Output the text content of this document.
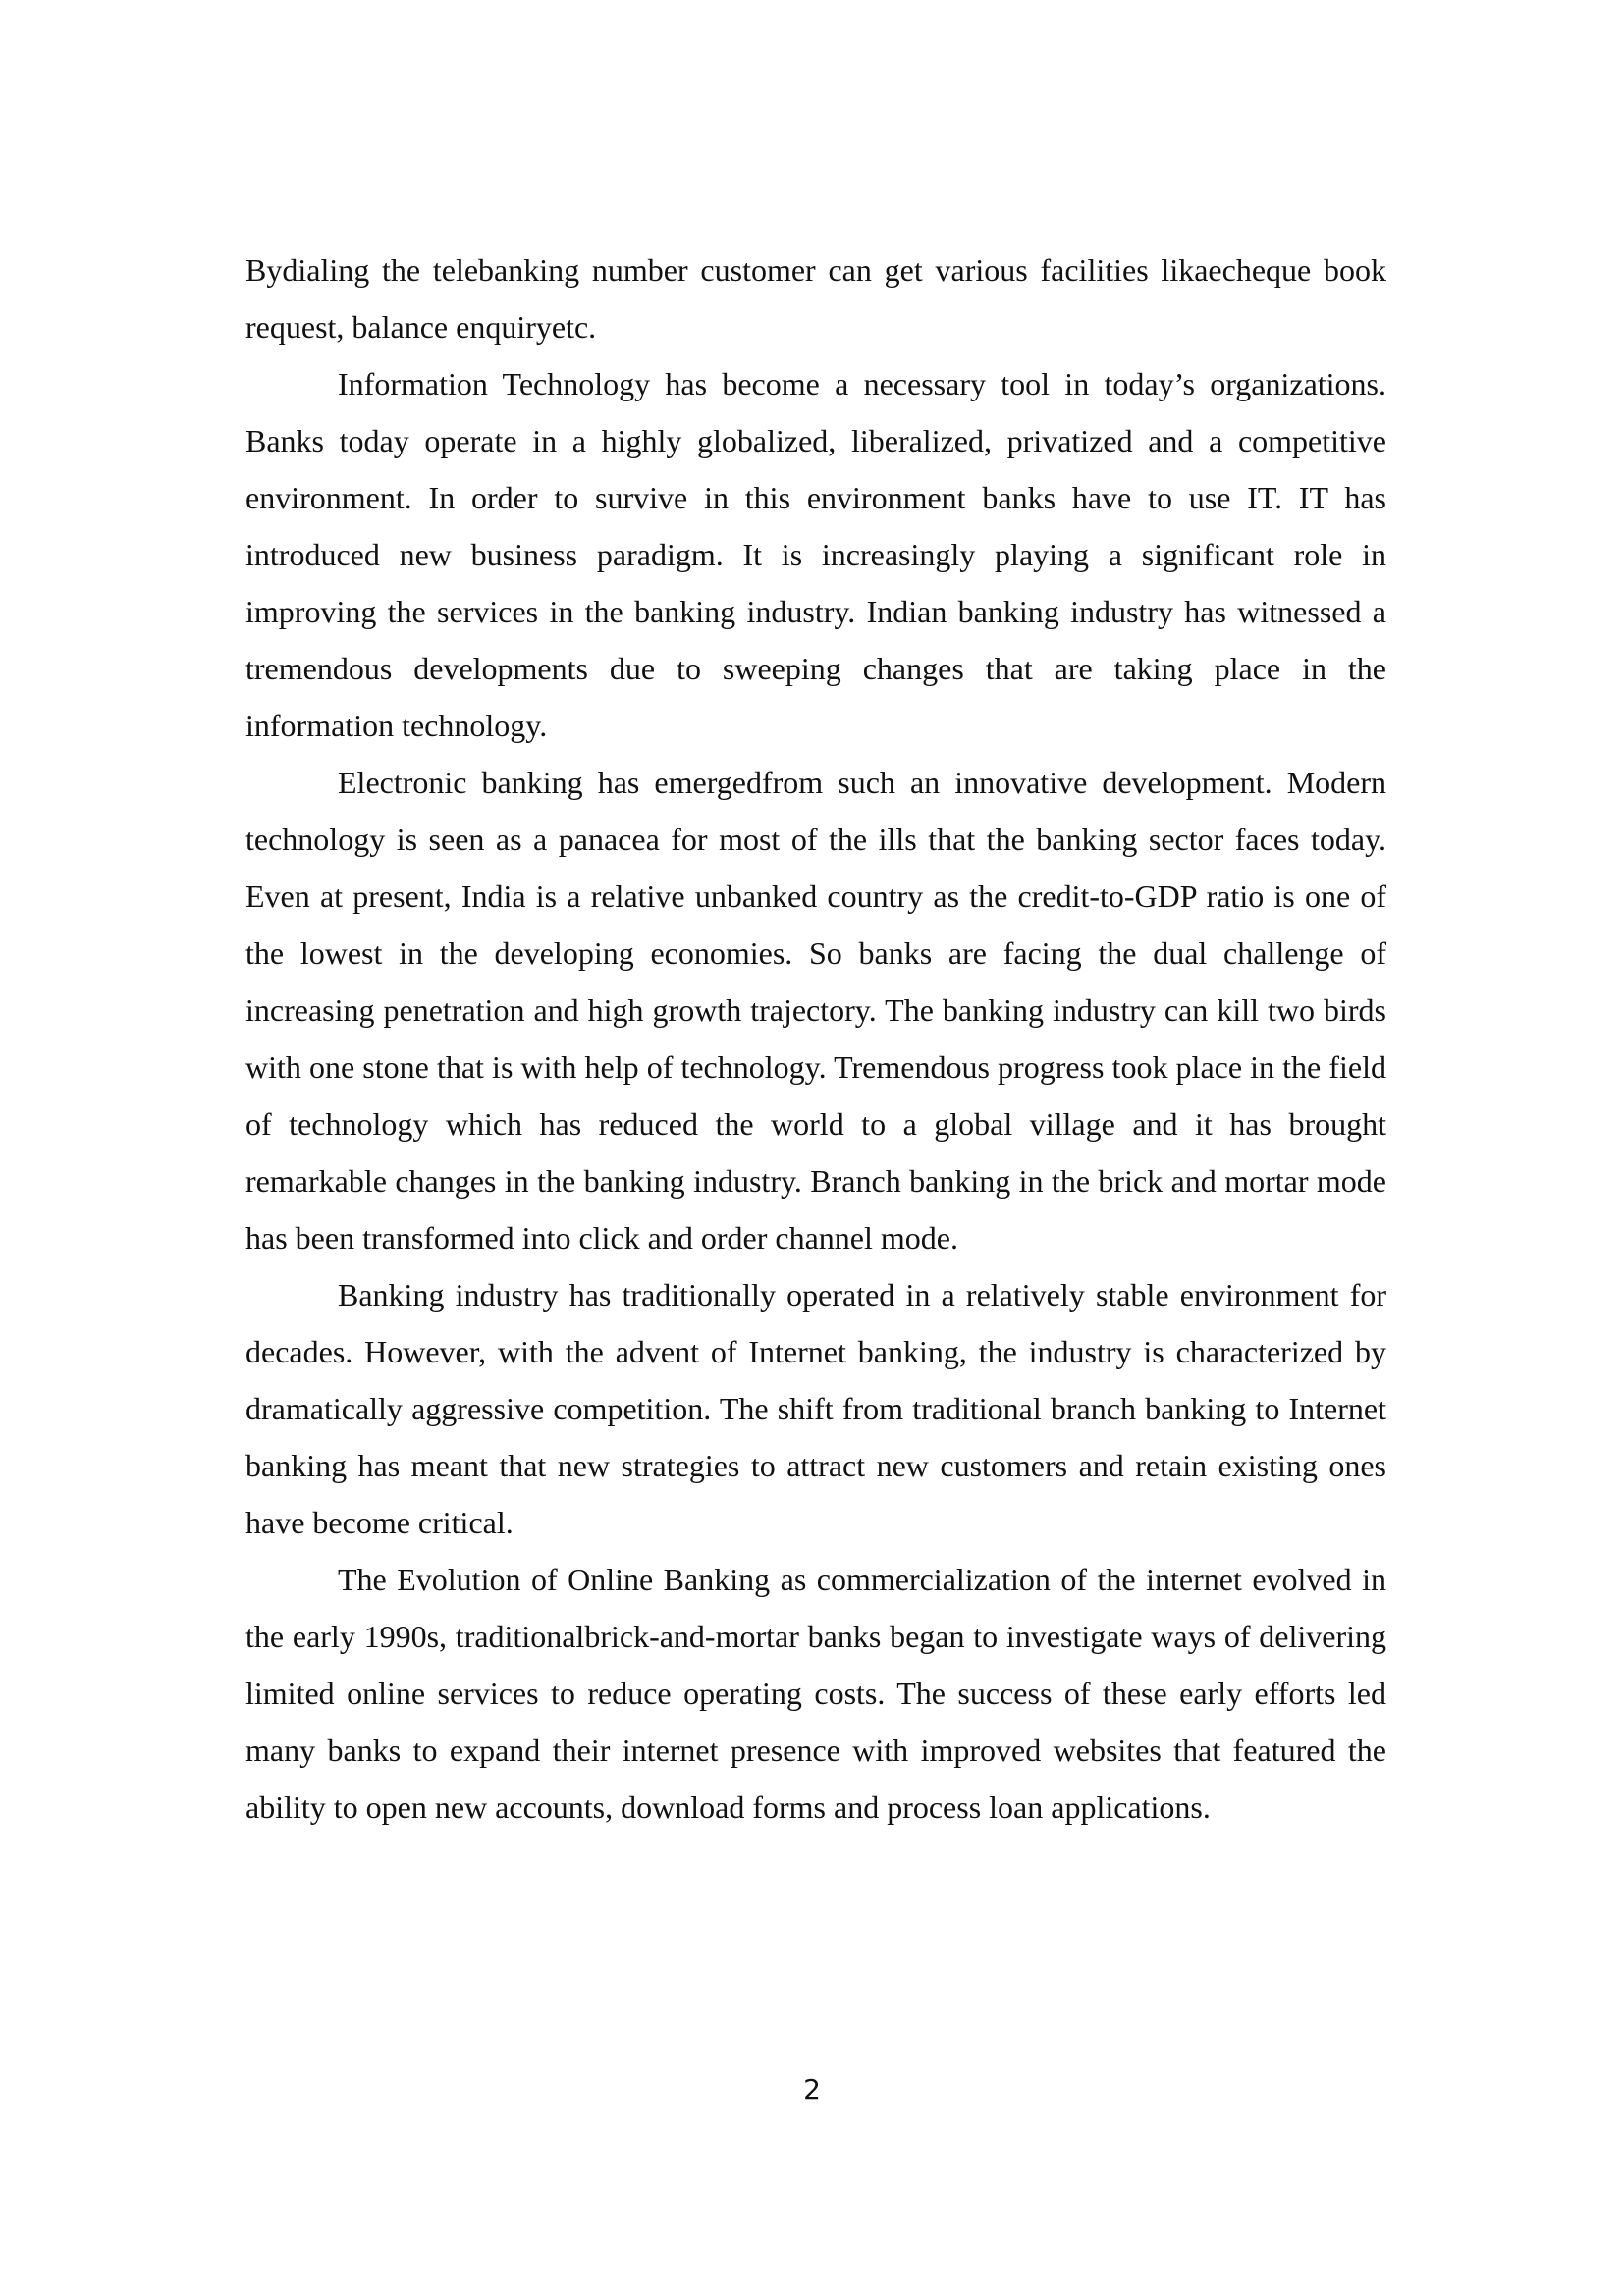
Bydialing the telebanking number customer can get various facilities likaecheque book request, balance enquiryetc.

Information Technology has become a necessary tool in today’s organizations. Banks today operate in a highly globalized, liberalized, privatized and a competitive environment. In order to survive in this environment banks have to use IT. IT has introduced new business paradigm. It is increasingly playing a significant role in improving the services in the banking industry. Indian banking industry has witnessed a tremendous developments due to sweeping changes that are taking place in the information technology.

Electronic banking has emergedfrom such an innovative development. Modern technology is seen as a panacea for most of the ills that the banking sector faces today. Even at present, India is a relative unbanked country as the credit-to-GDP ratio is one of the lowest in the developing economies. So banks are facing the dual challenge of increasing penetration and high growth trajectory. The banking industry can kill two birds with one stone that is with help of technology. Tremendous progress took place in the field of technology which has reduced the world to a global village and it has brought remarkable changes in the banking industry. Branch banking in the brick and mortar mode has been transformed into click and order channel mode.

Banking industry has traditionally operated in a relatively stable environment for decades. However, with the advent of Internet banking, the industry is characterized by dramatically aggressive competition. The shift from traditional branch banking to Internet banking has meant that new strategies to attract new customers and retain existing ones have become critical.

The Evolution of Online Banking as commercialization of the internet evolved in the early 1990s, traditionalbrick-and-mortar banks began to investigate ways of delivering limited online services to reduce operating costs. The success of these early efforts led many banks to expand their internet presence with improved websites that featured the ability to open new accounts, download forms and process loan applications.

2
